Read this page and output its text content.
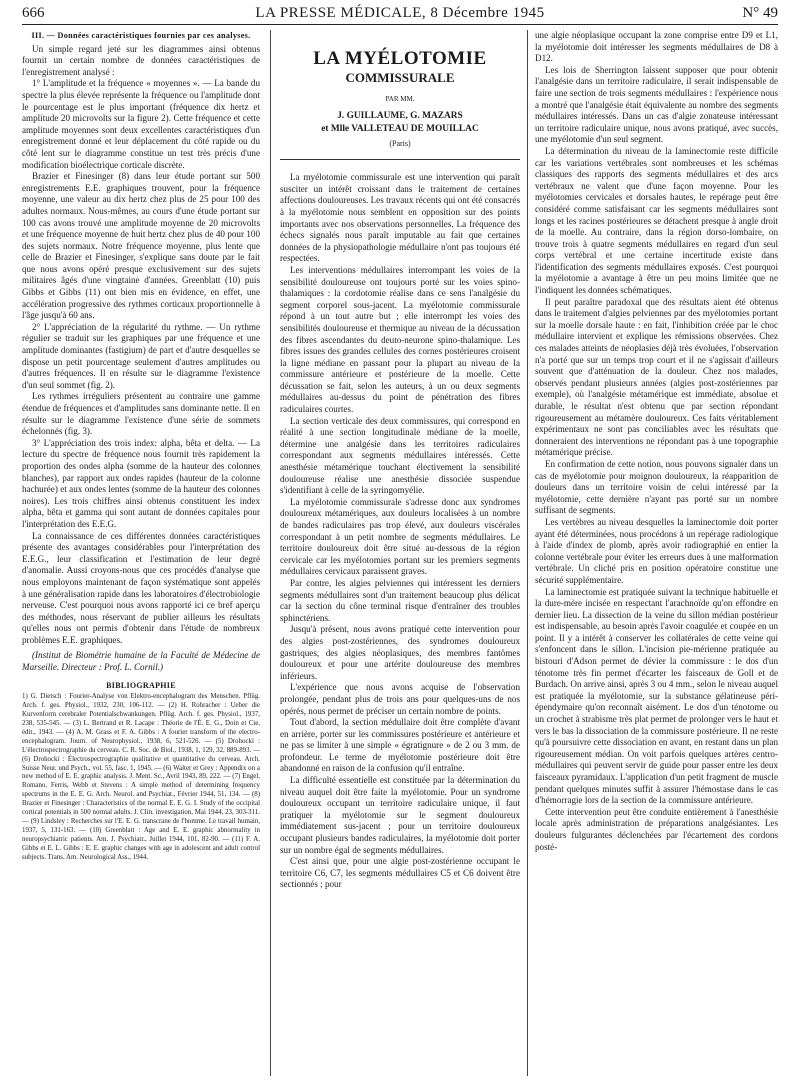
666	LA PRESSE MÉDICALE, 8 Décembre 1945	N° 49
III. — Données caractéristiques fournies par ces analyses.

Un simple regard jeté sur les diagrammes ainsi obtenus fournit un certain nombre de données caractéristiques de l'enregistrement analysé :

1° L'amplitude et la fréquence « moyennes ». — La bande du spectre la plus élevée représente la fréquence ou l'amplitude dont le pourcentage est le plus important (fréquence dix hertz et amplitude 20 microvolts sur la figure 2). Cette fréquence et cette amplitude moyennes sont deux excellentes caractéristiques d'un enregistrement donné et leur déplacement du côté rapide ou du côté lent sur le diagramme constitue un test très précis d'une modification bioélectrique corticale discrète.

Brazier et Finesinger (8) dans leur étude portant sur 500 enregistrements E.E. graphiques trouvent, pour la fréquence moyenne, une valeur au dix hertz chez plus de 25 pour 100 des adultes normaux. Nous-mêmes, au cours d'une étude portant sur 100 cas avons trouvé une amplitude moyenne de 20 microvolts et une fréquence moyenne de huit hertz chez plus de 40 pour 100 des sujets normaux. Notre fréquence moyenne, plus lente que celle de Brazier et Finesinger, s'explique sans doute par le fait que nous avons opéré presque exclusivement sur des sujets militaires âgés d'une vingtaine d'années. Greenblatt (10) puis Gibbs et Gibbs (11) ont bien mis en évidence, en effet, une accélération progressive des rythmes corticaux proportionnelle à l'âge jusqu'à 60 ans.

2° L'appréciation de la régularité du rythme. — Un rythme régulier se traduit sur les graphiques par une fréquence et une amplitude dominantes (fastigium) de part et d'autre desquelles se dispose un petit pourcentage seulement d'autres amplitudes ou d'autres fréquences. Il en résulte sur le diagramme l'existence d'un seul sommet (fig. 2).

Les rythmes irréguliers présentent au contraire une gamme étendue de fréquences et d'amplitudes sans dominante nette. Il en résulte sur le diagramme l'existence d'une série de sommets échelonnés (fig. 3).

3° L'appréciation des trois index: alpha, bêta et delta. — La lecture du spectre de fréquence nous fournit très rapidement la proportion des ondes alpha (somme de la hauteur des colonnes blanches), par rapport aux ondes rapides (hauteur de la colonne hachurée) et aux ondes lentes (somme de la hauteur des colonnes noires). Les trois chiffres ainsi obtenus constituent les index alpha, bêta et gamma qui sont autant de données capitales pour l'interprétation des E.E.G.

La connaissance de ces différentes données caractéristiques présente des avantages considérables pour l'interprétation des E.E.G., leur classification et l'estimation de leur degré d'anomalie. Aussi croyons-nous que ces procédés d'analyse que nous employons maintenant de façon systématique sont appelés à une généralisation rapide dans les laboratoires d'électrobiologie nerveuse. C'est pourquoi nous avons rapporté ici ce bref aperçu des méthodes, nous réservant de publier ailleurs les résultats qu'elles nous ont permis d'obtenir dans l'étude de nombreux problèmes E.E. graphiques.

(Institut de Biométrie humaine de la Faculté de Médecine de Marseille. Directeur : Prof. L. Cornil.)

BIBLIOGRAPHIE
1) G. Dietsch : Fourier-Analyse von Elektro-encephalogram des Menschen. Pflüg. Arch. f. ges. Physiol., 1932, 230, 106-112. — (2) H. Rohracher : Ueber die Kurvenform cerebraler Potentialschwankungen. Pflüg. Arch. f. ges. Physiol., 1937, 238, 535-545. — (3) L. Bertrand et R. Lacape : Théorie de l'É. E. G., Doin et Cie, édit., 1943. — (4) A. M. Grass et F. A. Gibbs : A fourier transform of the electro-encephalogram. Journ. of Neurophysiol., 1938, 6, 521-526. — (5) Drohocki : L'électrospectrographie du cerveau. C. R. Soc. de Biol., 1938, 1, 129, 32, 889-893. — (6) Drohocki : Électrospectrographie qualitative et quantitative du cerveau. Arch. Suisse Neur. und Psych., vol. 55, fasc. 1, 1945. — (6) Walter et Grey : Appendix on a new method of E. E. graphic analysis. J. Ment. Sc., Avril 1943, 89, 222. — (7) Engel, Romano, Ferris, Webb et Stevens : A simple method of determining frequency spectrums in the E. E. G. Arch. Neurol. and Psychiat., Février 1944, 51, 134. — (8) Brazier et Finesinger : Characteristics of the normal E. E. G. I. Study of the occipital cortical potentials in 500 normal adults. J. Clin. investigation, Mai 1944, 23, 303-311. — (9) Lindsley : Recherches sur l'E. E. G. transcrane de l'homme. Le travail humain, 1937, 5, 131-163. — (10) Greenblatt : Age and E. E. graphic abnormality in neuropsychiatric patients. Am. J. Psychiatr., Juillet 1944, 101, 82-90. — (11) F. A. Gibbs et E. L. Gibbs : E. E. graphic changes with age in adolescent and adult control subjects. Trans. Am. Neurological Ass., 1944.
LA MYÉLOTOMIE
COMMISSURALE
PAR MM.
J. GUILLAUME, G. MAZARS
et Mlle VALLETEAU DE MOUILLAC
(Paris)

La myélotomie commissurale est une intervention qui paraît susciter un intérêt croissant dans le traitement de certaines affections douloureuses. Les travaux récents qui ont été consacrés à la myélotomie nous semblent en opposition sur des points importants avec nos observations personnelles. La fréquence des échecs signalés nous paraît imputable au fait que certaines données de la physiopathologie médullaire n'ont pas toujours été respectées.

Les interventions médullaires interrompant les voies de la sensibilité douloureuse ont toujours porté sur les voies spino-thalamiques : la cordotomie réalise dans ce sens l'analgésie du segment corporel sous-jacent. La myélotomie commissurale répond à un tout autre but ; elle interrompt les voies des sensibilités douloureuse et thermique au niveau de la décussation des fibres ascendantes du deuto-neurone spino-thalamique. Les fibres issues des grandes cellules des cornes postérieures croisent la ligne médiane en passant pour la plupart au niveau de la commissure antérieure et postérieure de la moelle. Cette décussation se fait, selon les auteurs, à un ou deux segments médullaires au-dessus du point de pénétration des fibres radiculaires courtes.

La section verticale des deux commissures, qui correspond en réalité à une section longitudinale médiane de la moelle, détermine une analgésie dans les territoires radiculaires correspondant aux segments médullaires intéressés. Cette anesthésie métamérique touchant électivement la sensibilité douloureuse réalise une anesthésie dissociée suspendue s'identifiant à celle de la syringomyélie.

La myélotomie commissurale s'adresse donc aux syndromes douloureux métamériques, aux douleurs localisées à un nombre de bandes radiculaires pas trop élevé, aux douleurs viscérales correspondant à un petit nombre de segments médullaires. Le territoire douloureux doit être situé au-dessous de la région cervicale car les myélotomies portant sur les premiers segments médullaires cervicaux paraissent graves.

Par contre, les algies pelviennes qui intéressent les derniers segments médullaires sont d'un traitement beaucoup plus délicat car la section du cône terminal risque d'entraîner des troubles sphinctériens.

Jusqu'à présent, nous avons pratiqué cette intervention pour des algies post-zostériennes, des syndromes douloureux gastriques, des algies néoplasiques, des membres fantômes douloureux et pour une artérite douloureuse des membres inférieurs.

L'expérience que nous avons acquise de l'observation prolongée, pendant plus de trois ans pour quelques-uns de nos opérés, nous permet de préciser un certain nombre de points.

Tout d'abord, la section médullaire doit être complète d'avant en arrière, porter sur les commissures postérieure et antérieure et ne pas se limiter à une simple « égratignure » de 2 ou 3 mm. de profondeur. Le terme de myélotomie postérieure doit être abandonné en raison de la confusion qu'il entraîne.

La difficulté essentielle est constituée par la détermination du niveau auquel doit être faite la myélotomie. Pour un syndrome douloureux occupant un territoire radiculaire unique, il faut pratiquer la myélotomie sur le segment douloureux immédiatement sus-jacent ; pour un territoire douloureux occupant plusieurs bandes radiculaires, la myélotomie doit porter sur un nombre égal de segments médullaires.

C'est ainsi que, pour une algie post-zostérienne occupant le territoire C6, C7, les segments médullaires C5 et C6 doivent être sectionnés ; pour

une algie néoplasique occupant la zone comprise entre D9 et L1, la myélotomie doit intéresser les segments médullaires de D8 à D12.

Les lois de Sherrington laissent supposer que pour obtenir l'analgésie dans un territoire radiculaire, il serait indispensable de faire une section de trois segments médullaires : l'expérience nous a montré que l'analgésie était équivalente au nombre des segments médullaires intéressés. Dans un cas d'algie zonateuse intéressant un territoire radiculaire unique, nous avons pratiqué, avec succès, une myélotomie d'un seul segment.

La détermination du niveau de la laminectomie reste difficile car les variations vertébrales sont nombreuses et les schémas classiques des rapports des segments médullaires et des arcs vertébraux ne valent que d'une façon moyenne. Pour les myélotomies cervicales et dorsales hautes, le repérage peut être considéré comme satisfaisant car les segments médullaires sont longs et les racines postérieures se détachent presque à angle droit de la moelle. Au contraire, dans la région dorso-lombaire, on trouve trois à quatre segments médullaires en regard d'un seul corps vertébral et une certaine incertitude existe dans l'identification des segments médullaires exposés. C'est pourquoi la myélotomie a avantage à être un peu moins limitée que ne l'indiquent les données schématiques.

Il peut paraître paradoxal que des résultats aient été obtenus dans le traitement d'algies pelviennes par des myélotomies portant sur la moelle dorsale haute : en fait, l'inhibition créée par le choc médullaire intervient et explique les rémissions observées. Chez ces malades atteints de néoplasies déjà très évoluées, l'observation n'a porté que sur un temps trop court et il ne s'agissait d'ailleurs souvent que d'atténuation de la douleur. Chez nos malades, observés pendant plusieurs années (algies post-zostériennes par exemple), où l'analgésie métamérique est immédiate, absolue et durable, le résultat n'est obtenu que par section répondant rigoureusement au métamère douloureux. Ces faits véritablement expérimentaux ne sont pas conciliables avec les résultats que donneraient des interventions ne répondant pas à une topographie métamérique précise.

En confirmation de cette notion, nous pouvons signaler dans un cas de myélotomie pour moignon douloureux, la réapparition de douleurs dans un territoire voisin de celui intéressé par la myélotomie, cette dernière n'ayant pas porté sur un nombre suffisant de segments.

Les vertèbres au niveau desquelles la laminectomie doit porter ayant été déterminées, nous procédons à un repérage radiologique à l'aide d'index de plomb, après avoir radiographié en entier la colonne vertébrale pour éviter les erreurs dues à une malformation vertébrale. Un cliché pris en position opératoire constitue une sécurité supplémentaire.

La laminectomie est pratiquée suivant la technique habituelle et la dure-mère incisée en respectant l'arachnoïde qu'on effondre en dernier lieu. La dissection de la veine du sillon médian postérieur est indispensable, au besoin après l'avoir coagulée et coupée en un point. Il y a intérêt à conserver les collatérales de cette veine qui s'enfoncent dans le sillon. L'incision pie-mérienne pratiquée au bistouri d'Adson permet de dévier la commissure : le dos d'un ténotome très fin permet d'écarter les faisceaux de Goll et de Burdach. On arrive ainsi, après 3 ou 4 mm., selon le niveau auquel est pratiquée la myélotomie, sur la substance gélatineuse péri-épendymaire qu'on reconnaît aisément. Le dos d'un ténotome ou un crochet à strabisme très plat permet de prolonger vers le haut et vers le bas la dissociation de la commissure postérieure. Il ne reste qu'à poursuivre cette dissociation en avant, en restant dans un plan rigoureusement médian. On voit parfois quelques artères centro-médullaires qui peuvent servir de guide pour passer entre les deux faisceaux pyramidaux. L'application d'un petit fragment de muscle pendant quelques minutes suffit à assurer l'hémostase dans le cas d'hémorragie lors de la section de la commissure antérieure.

Cette intervention peut être conduite entièrement à l'anesthésie locale après administration de préparations analgésiantes. Les douleurs fulgurantes déclenchées par l'écartement des cordons posté-
